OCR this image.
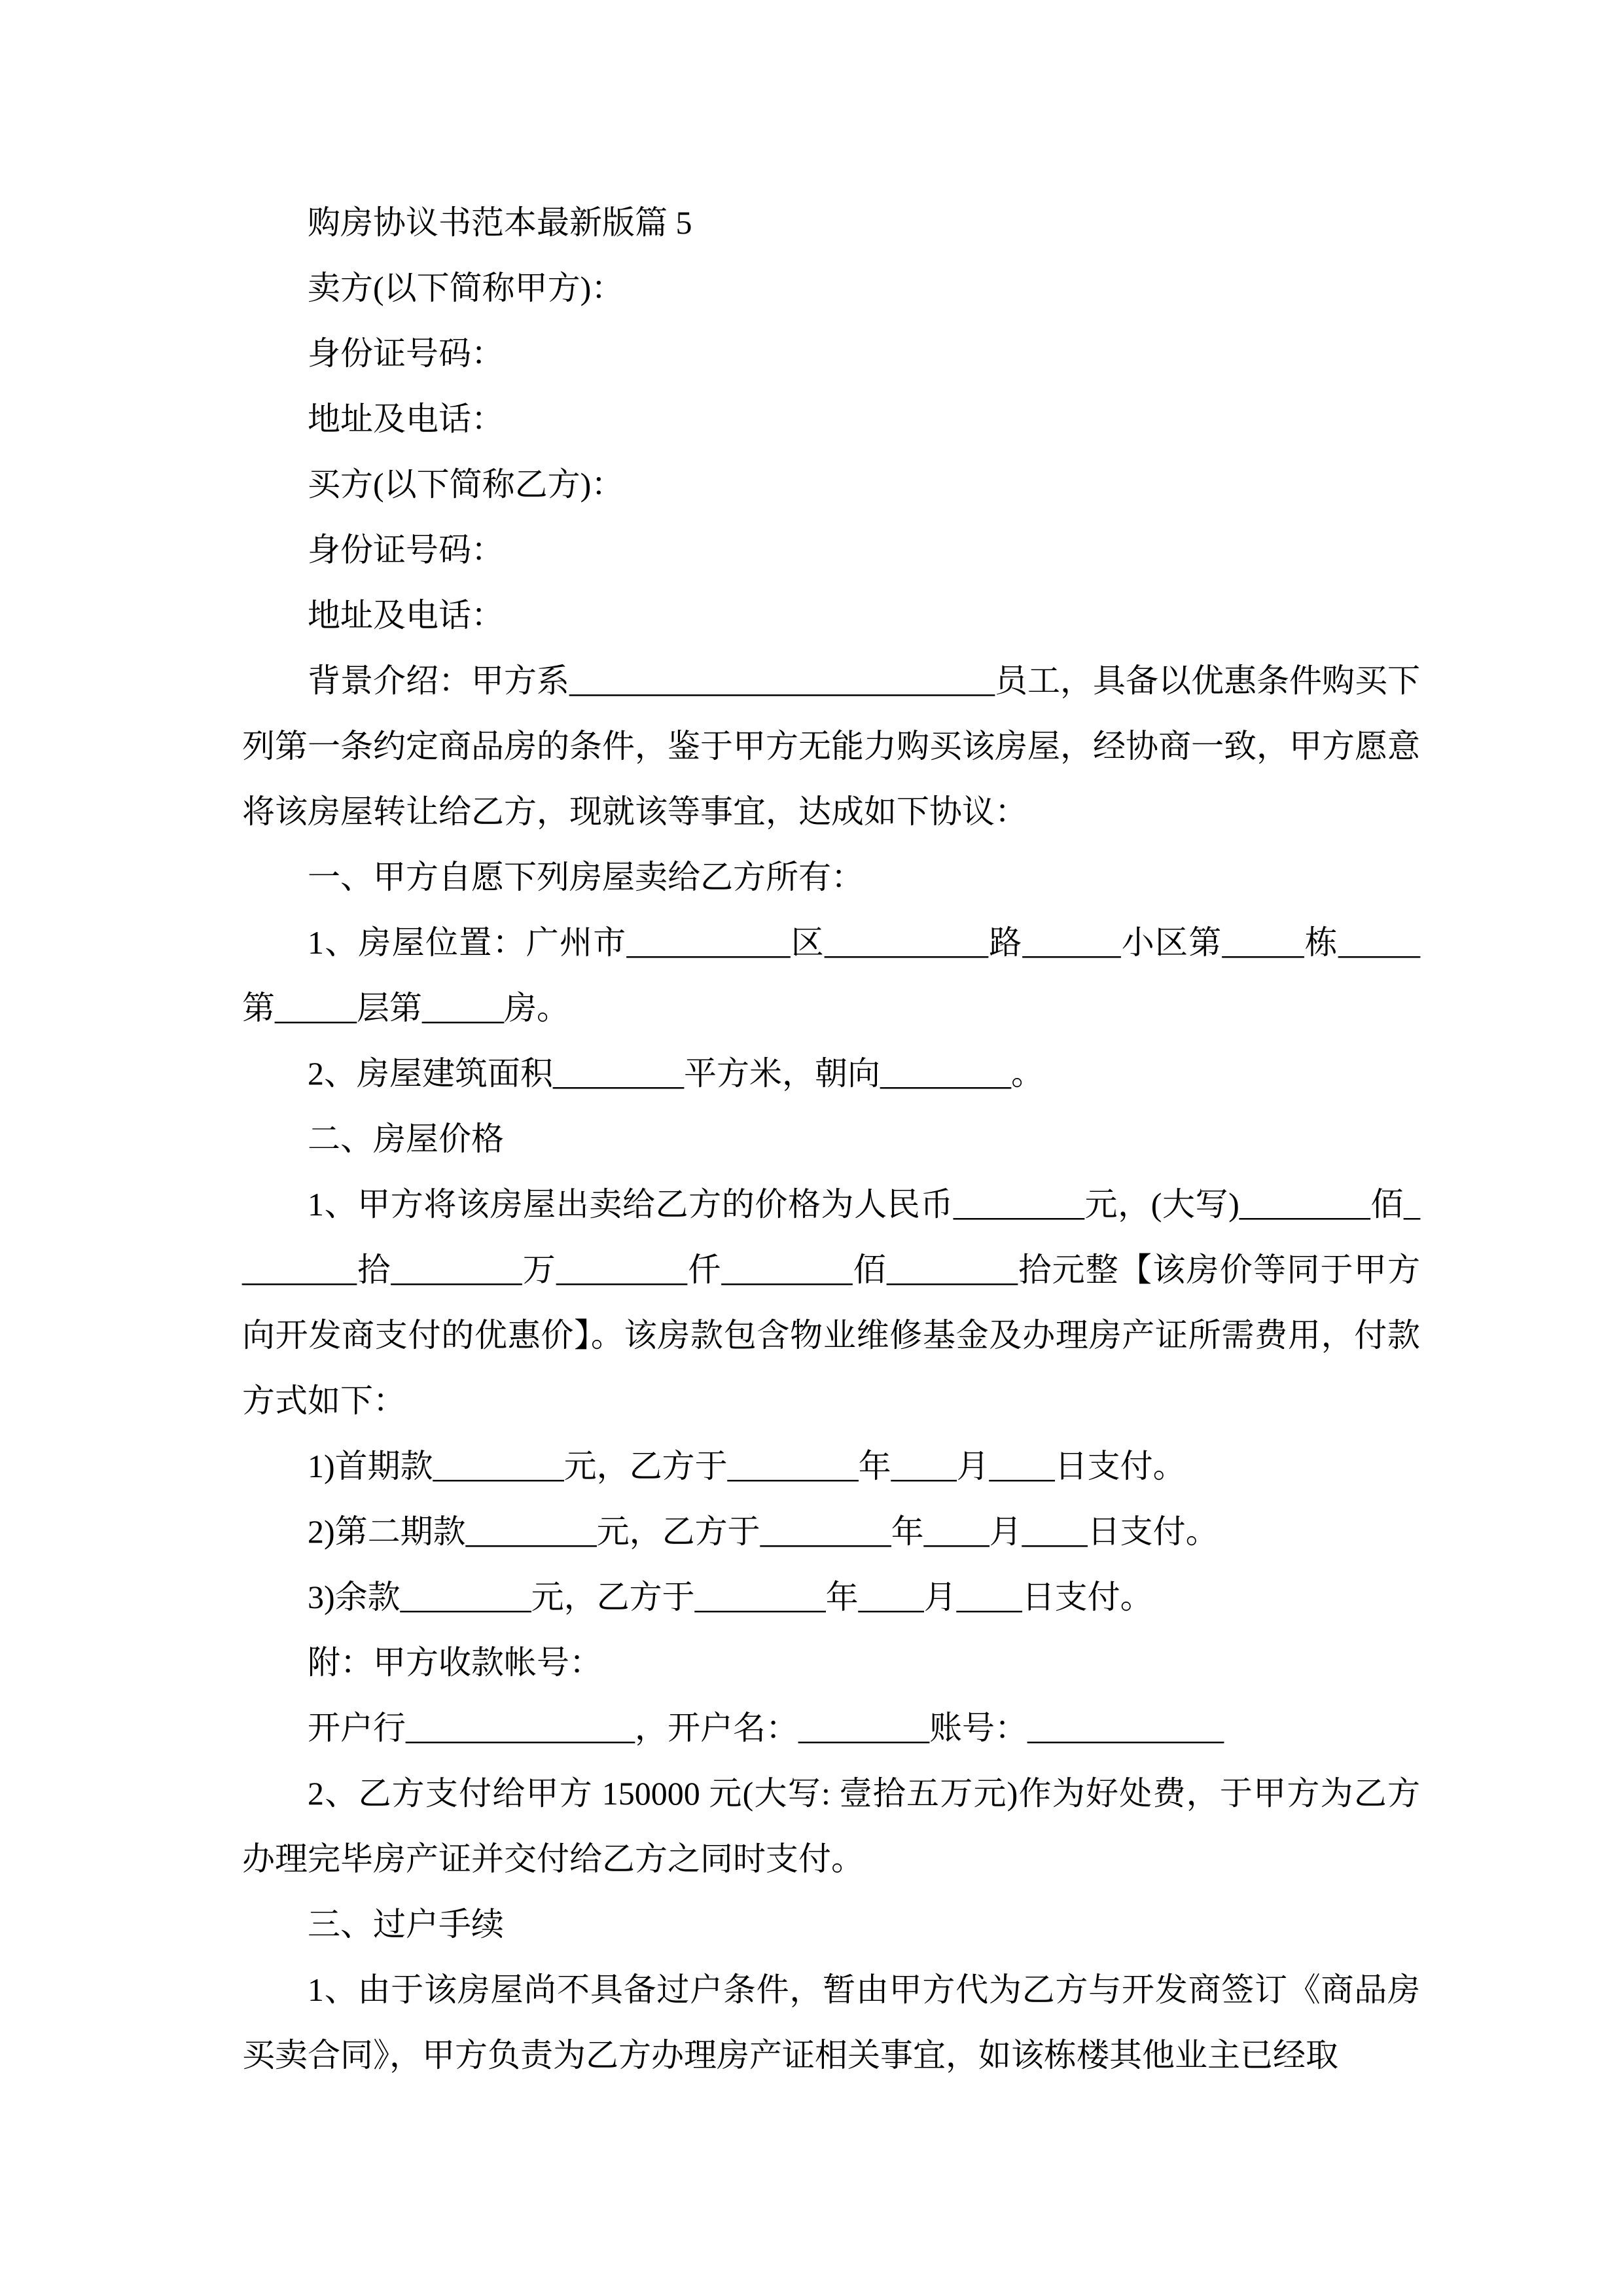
购房协议书范本最新版篇 5

卖方(以下简称甲方)：

身份证号码：

地址及电话：

买方(以下简称乙方)：

身份证号码：

地址及电话：

背景介绍：甲方系__________________________员工，具备以优惠条件购买下列第一条约定商品房的条件，鉴于甲方无能力购买该房屋，经协商一致，甲方愿意将该房屋转让给乙方，现就该等事宜，达成如下协议：

一、甲方自愿下列房屋卖给乙方所有：

1、房屋位置：广州市__________区__________路______小区第_____栋_____第_____层第_____房。

2、房屋建筑面积________平方米，朝向________。

二、房屋价格

1、甲方将该房屋出卖给乙方的价格为人民币________元，(大写)________佰________拾________万________仟________佰________拾元整【该房价等同于甲方向开发商支付的优惠价】。该房款包含物业维修基金及办理房产证所需费用，付款方式如下：

1)首期款________元，乙方于________年____月____日支付。

2)第二期款________元，乙方于________年____月____日支付。

3)余款________元，乙方于________年____月____日支付。

附：甲方收款帐号：

开户行______________，开户名：________账号：____________

2、乙方支付给甲方 150000 元(大写: 壹拾五万元)作为好处费，于甲方为乙方办理完毕房产证并交付给乙方之同时支付。

三、过户手续

1、由于该房屋尚不具备过户条件，暂由甲方代为乙方与开发商签订《商品房买卖合同》，甲方负责为乙方办理房产证相关事宜，如该栋楼其他业主已经取
